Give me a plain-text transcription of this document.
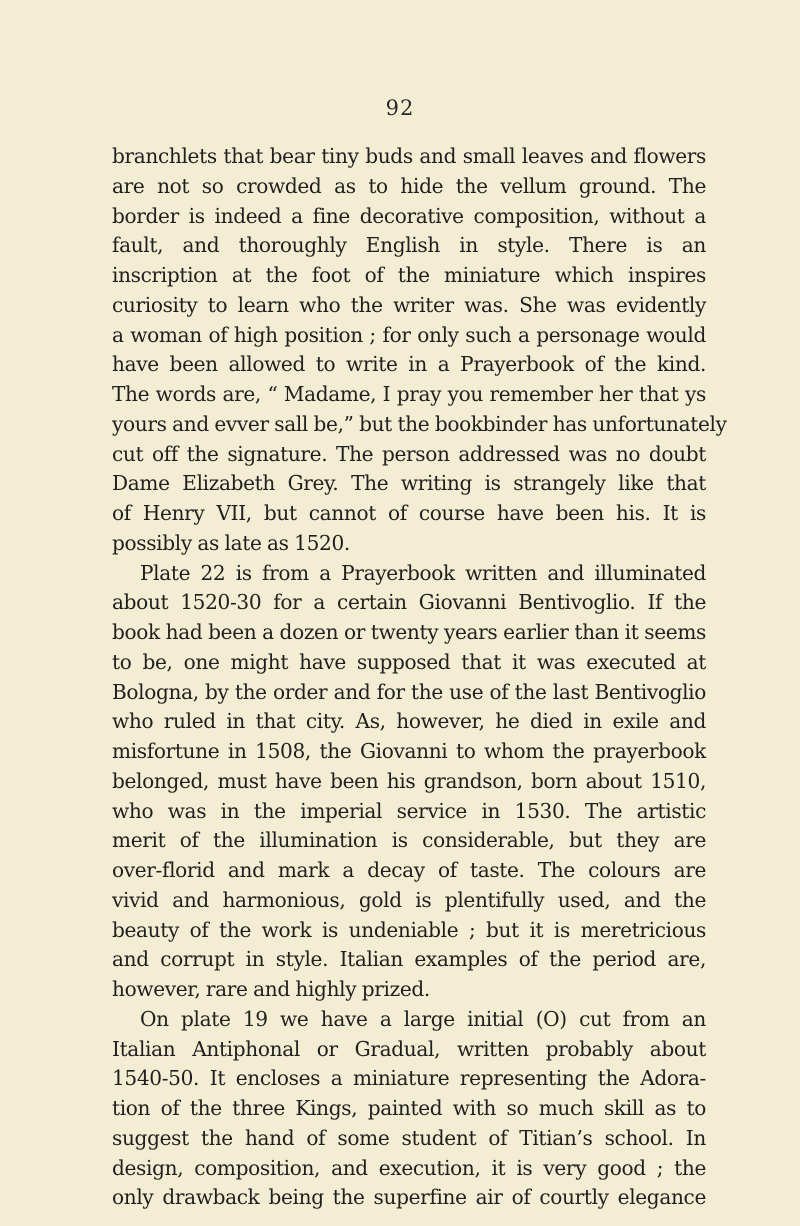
92
branchlets that bear tiny buds and small leaves and flowers
are not so crowded as to hide the vellum ground. The
border is indeed a fine decorative composition, without a
fault, and thoroughly English in style. There is an
inscription at the foot of the miniature which inspires
curiosity to learn who the writer was. She was evidently
a woman of high position ; for only such a personage would
have been allowed to write in a Prayerbook of the kind.
The words are, “ Madame, I pray you remember her that ys
yours and evver sall be,” but the bookbinder has unfortunately
cut off the signature. The person addressed was no doubt
Dame Elizabeth Grey. The writing is strangely like that
of Henry VII, but cannot of course have been his. It is
possibly as late as 1520.
Plate 22 is from a Prayerbook written and illuminated
about 1520-30 for a certain Giovanni Bentivoglio. If the
book had been a dozen or twenty years earlier than it seems
to be, one might have supposed that it was executed at
Bologna, by the order and for the use of the last Bentivoglio
who ruled in that city. As, however, he died in exile and
misfortune in 1508, the Giovanni to whom the prayerbook
belonged, must have been his grandson, born about 1510,
who was in the imperial service in 1530. The artistic
merit of the illumination is considerable, but they are
over-florid and mark a decay of taste. The colours are
vivid and harmonious, gold is plentifully used, and the
beauty of the work is undeniable ; but it is meretricious
and corrupt in style. Italian examples of the period are,
however, rare and highly prized.
On plate 19 we have a large initial (O) cut from an
Italian Antiphonal or Gradual, written probably about
1540-50. It encloses a miniature representing the Adora-
tion of the three Kings, painted with so much skill as to
suggest the hand of some student of Titian’s school. In
design, composition, and execution, it is very good ; the
only drawback being the superfine air of courtly elegance
